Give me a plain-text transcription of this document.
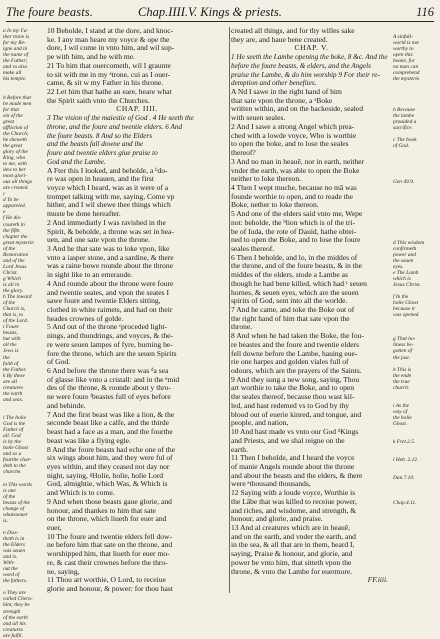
The foure beasts.	Chap.IIII.V. Kings & priests.	116
a In my Fa-
ther trone is
for my Re-
igne and in
the name of
the Father;
and vs also
make all
his temple.

b Before that
he made men
for that
sin of the
great
affliction of
the Church;
he sheweth
the great
glory of the
King, who
to me, with
dew to her
most glori-
ous all things
are created.
c
d To be
appareled.
e
f He dis-
coureth in
the fifth
chapter the
great mysterie
of the
Restoration
and of the
Lord Jesus
Christ.
g Which
is all in
the glory.
h The inward
of the
Church is,
that is, to
of the Lord.
i Foure
beasts,
but with
all the
Jews is
the
faith of
the Father.
k By these
are all
creatures
the earth
and seas.

l The holie
God is the
Father of
all. God
is by the
holie Ghost
and so a
fourthe char-
deth to the
churche.

m This words
is one
of the
beasts of the
change of
whatsoeuer
is.

n Diss-
theth is in
the Elders
was seuen
and is.
With-
out the
word of
the fathers.

o They are
called Cheru-
bim; they be
strength
of the earth
and all his
creatures
are fulfil.
10 Beholde, I stand at the dore, and knoc-
ke. I any man heare my voyce & ope the
dore, I wil come in vnto him, and wil sup-
pe with him, and he with me.
21 To him that ouercometh, wil I graunte
to sit with me in my ᵃtrone, cui as I ouer-
came, & sit w my Father in his throne.
22 Let him that hathe an eare, heare what
the Spirit saith vnto the Churches.
CHAP. IIII.
3 The vision of the maiestie of God . 4 He seeth the
throne, and the foure and twentie elders. 6 And
the foure beasts. 8 And so the Elders
and the beasts fall downe and the
foure and twentie elders giue praise to
God and the Lambe.
A Fter this I looked, and beholde, a ᵇdo-
re was open in heauen, and the first
voyce which I heard, was as it were of a
trompet talking with me, saying, Come vp
hither, and I wil shewe thee things which
muste be done hereafter.
2 And immediatly I was ravished in the
Spirit, & beholde, a throne was set in hea-
uen, and one sate vpon the throne.
3 And he that sate was to loke vpon, like
vnto a iasper stone, and a sardine, & there
was a raine bowe rounde about the throne
in sight like to an emeraude.
4 And rounde about the throne were foure
and twentie seates, and vpon the seates I
sawe foure and twentie Elders sitting,
clothed in white raimets, and had on their
heades crownes of golde.
5 And out of the throne ᶜproceded light-
nings, and thundrings, and voyces, & the-
re were seuen lampes of fyre, burning be-
fore the throne, which are the seuen Spirits
of God.
6 And before the throne there was ᵈa sea
of glasse like vnto a cristall: and in the ᵉmid
des of the throne, & rounde about y thro-
ne were foure ᶠbeastes full of eyes before
and behinde.
7 And the first beast was like a lion, & the
seconde beast like a calfe, and the thirde
beast had a face as a man, and the fourthe
beast was like a flying egle.
8 And the foure beasts had eche one of the
six wings about him, and they were ful of
eyes within, and they ceased not day nor
night, saying, ᵍHolie, holie, holie Lord
God, almightie, which Was, & Which is
and Which is to come.
9 And when those beasts gaue glorie, and
honour, and thankes to him that sate
on the throne, which liueth for euer and
euer,
10 The foure and twentie elders fell dow-
ne before him that sate on the throne, and
worshipped him, that liueth for euer mo-
re, & cast their crownes before the thro-
ne, saying,
11 Thou art worthie, O Lord, to receiue
glorie and honour, & power: for thou hast
created all things, and for thy willes sake
they are, and haue bene created.
CHAP. V.
1 He seeth the Lambe opening the boke, 8 &c. And the
before the foure beasts, & elders, and the Angels
praise the Lambe, & do him worship 9 For their re-
demption and other benefites.
A Nd I sawe in the right hand of him
that sate vpon the throne, a ᵃBoke
written within, and on the backeside, sealed
with seuen seales.
2 And I sawe a strong Angel which prea-
ched with a lowde voyce, Who is worthie
to open the boke, and to lose the seales
thereof?
3 And no man in heauē, nor in earth, neither
vnder the earth, was able to open the Boke
neither to loke thereon.
4 Then I wept muche, because no mā was
founde worthie to open, and to reade the
Boke, nether to loke thereon.
5 And one of the elders said vnto me, Wepe
not: beholde, the ᵇlion which is of the tri-
be of Iuda, the rote of Dauid, hathe obtei-
ned to open the Boke, and to lose the foure
seales thereof.
6 Then I beholde, and lo, in the middes of
the throne, and of the foure beasts, & in the
middes of the elders, stode a Lambe as
though he had bene killed, which had ᶜ seuen
hornes, & seuen eyes, which are the seuen
spirits of God, sent into all the worlde.
7 And he came, and toke the Boke out of
the right hand of him that sate vpon the
throne.
8 And when he had taken the Boke, the fou-
re beastes and the foure and twentie elders
fell downe before the Lambe, hauing eue-
rie one harpes and golden viales full of
odours, which are the prayers of the Saints.
9 And they sung a new song, saying, Thou
art worthie to take the Boke, and to open
the seales thereof, because thou wast kil-
led, and hast redemed vs to God by thy
blood out of euerie kinred, and tongue, and
people, and nation,
10 And hast made vs vnto our God ᵈKings
and Priests, and we shal reigne on the
earth.
11 Then I beholde, and I heard the voyce
of manie Angels rounde about the throne
and about the beasts and the elders, & there
were ᵉthousand thousands,
12 Saying with a loude voyce, Worthie is
the Lābe that was killed to receiue power,
and riches, and wisdome, and strength, &
honour, and glorie, and praise.
13 And al creatures which are in heauē,
and on the earth, and vnder the earth, and
in the sea, & all that are in them, heard I,
saying, Praise & honour, and glorie, and
power be vnto him, that sitteth vpon the
throne, & vnto the Lambe for euermore.
FF.iiii.

A sinfull-
world is not
worthy to
open this
booke, for
no man can
comprehend
the mysterie.

b Because
the lambe
prouided a
sacrifice.

c The book
of God.

Gen 49.9.

d This wisdom
confirmeth
power and
the seuen
eyes.
e The Lamb
which is
Jesus Christ.

f In the
holie Ghost
because it
was opened.

g That ho-
liness be-
gotten of
the just.

h This is
the ende
the true
church.

i As the
way of
the holie
Ghost.

k Fret.2.5.

l Heb. 2.12.

Dan.7.10.

Chap.4.11.
